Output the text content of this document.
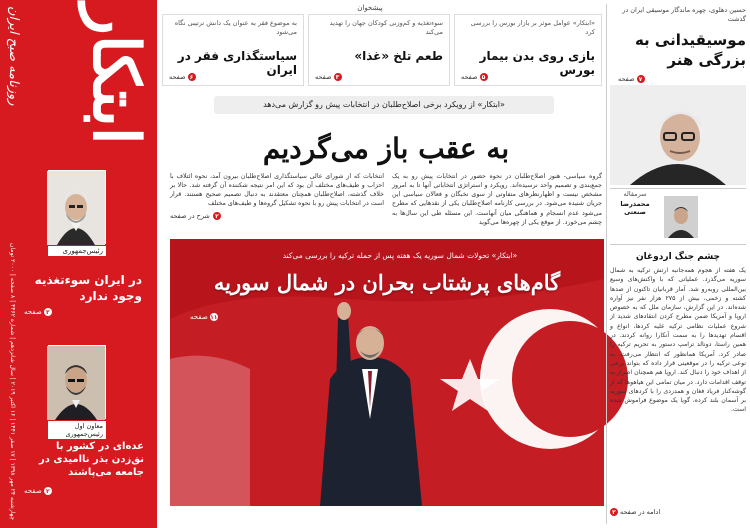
ابتکار
روزنامه صبح ایران
چهارشنبه ۲۴ مهر ۱۳۹۸ | ۱۷ صفر ۱۴۴۱ | ۱۶ اکتبر ۲۰۱۹ | سال شانزدهم | شماره ۴۴۶۲ | ۸ صفحه | ۲۰۰۰ تومان
رئیس‌جمهوری
در ایران سوءتغذیه وجود ندارد
۲
صفحه
معاون اول رئیس‌جمهوری
عده‌ای در کشور با نق‌زدن بذر ناامیدی در جامعه می‌پاشند
۲
صفحه
پیشخوان
«ابتکار» عوامل موثر بر بازار بورس را بررسی کرد
بازی روی بدن بیمار بورس
۵
صفحه
سوءتغذیه و کم‌وزنی کودکان جهان را تهدید می‌کند
طعم تلخ «غذا»
۳
صفحه
به موضوع فقر به عنوان یک دانش ترتیبی نگاه می‌شود
سیاستگذاری فقر در ایران
۶
صفحه
«ابتکار» از رویکرد برخی اصلاح‌طلبان در انتخابات پیش رو گزارش می‌دهد
به عقب باز می‌گردیم
گروه سیاسی- هنوز اصلاح‌طلبان در نحوه حضور در انتخابات پیش رو به یک جمع‌بندی و تصمیم واحد نرسیده‌اند. رویکرد و استراتژی انتخاباتی آنها تا به امروز مشخص نیست و اظهارنظرهای متفاوتی از سوی نخبگان و فعالان سیاسی این جریان شنیده می‌شود. در بررسی کارنامه اصلاح‌طلبان یکی از نقدهایی که مطرح می‌شود عدم انسجام و هماهنگی میان آنهاست. این مسئله طی این سال‌ها به چشم می‌خورد. از موقع یکی از چهره‌ها می‌گوید
انتخابات که از شورای عالی سیاستگذاری اصلاح‌طلبان بیرون آمد، نحوه ائتلاف با احزاب و طیف‌های مختلف آن بود که این امر نتیجه شکننده آن گرفته شد. حالا بر خلاف گذشته، اصلاح‌طلبان همچنان معتقدند به دنبال تصمیم صحیح هستند. قرار است در انتخابات پیش رو با نحوه تشکیل گروه‌ها و طیف‌های مختلف
۲
شرح در صفحه
«ابتکار» تحولات شمال سوریه یک هفته پس از حمله ترکیه را بررسی می‌کند
گام‌های پرشتاب بحران در شمال سوریه
۱۱
صفحه
حسین دهلوی، چهره ماندگار موسیقی ایران در گذشت
موسیقیدانی به بزرگی هنر
۷
صفحه
سرمقاله
محمدرضا صنعتی
چشم جنگ اردوغان
یک هفته از هجوم همه‌جانبه ارتش ترکیه به شمال سوریه می‌گذرد. عملیاتی که با واکنش‌های وسیع بین‌المللی روبه‌رو شد. آمار قربانیان تاکنون از صدها کشته و زخمی، بیش از ۲۷۵ هزار نفر نیز آواره شده‌اند. در این گزارش، سازمان ملل که به خصوص اروپا و آمریکا ضمن مطرح کردن انتقادهای شدید از شروع عملیات نظامی ترکیه علیه کردها، انواع و اقسام تهدیدها را به سمت آنکارا روانه کردند. در همین راستا، دونالد ترامپ دستور به تحریم ترکیه را صادر کرد. آمریکا همانطور که انتظار می‌رفت، به نوعی ترکیه را در موقعیتی قرار داده که بتواند برخی از اهداف خود را دنبال کند. اروپا هم همچنان اصرار به توقف اقدامات دارد. در میان تمامی این هیاهوها که از گوشه‌کنار فریاد فغان و همدردی را با کردهای سوریه بر آسمان بلند کرده، گویا یک موضوع فراموش شده است.
ادامه در صفحه
۲
